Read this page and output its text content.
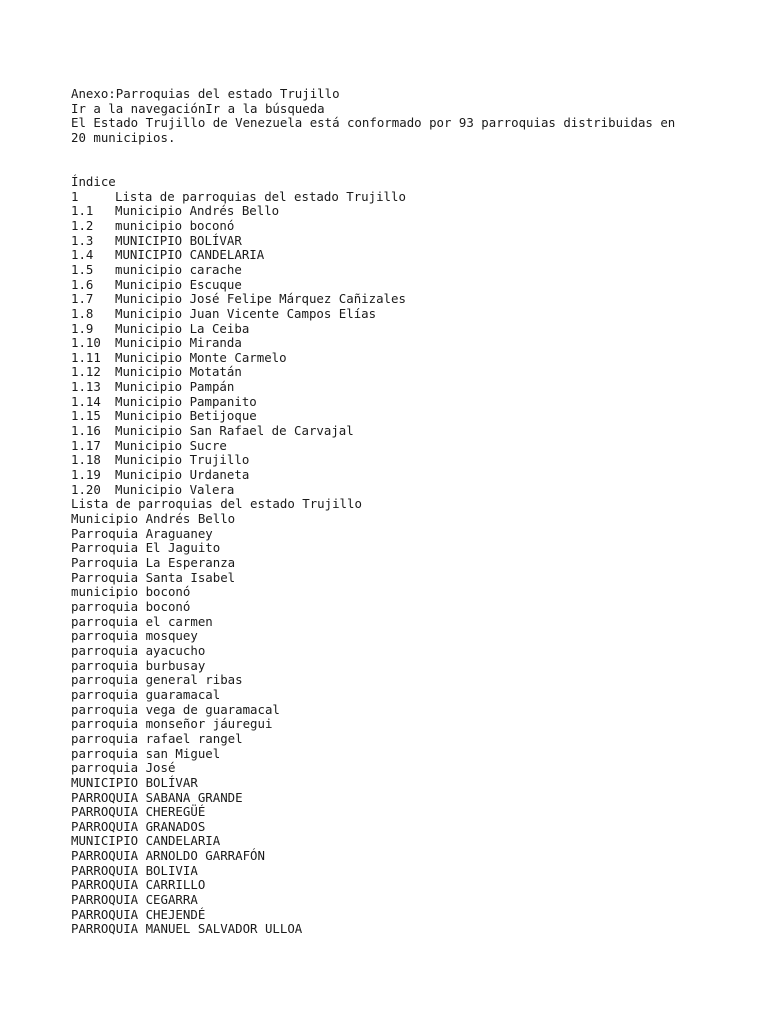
Anexo:Parroquias del estado Trujillo
Ir a la navegaciónIr a la búsqueda
El Estado Trujillo de Venezuela está conformado por 93 parroquias distribuidas en 20 municipios.
Índice
1	Lista de parroquias del estado Trujillo
1.1 Municipio Andrés Bello
1.2 municipio boconó
1.3 MUNICIPIO BOLÍVAR
1.4 MUNICIPIO CANDELARIA
1.5 municipio carache
1.6 Municipio Escuque
1.7 Municipio José Felipe Márquez Cañizales
1.8 Municipio Juan Vicente Campos Elías
1.9 Municipio La Ceiba
1.10 Municipio Miranda
1.11 Municipio Monte Carmelo
1.12 Municipio Motatán
1.13 Municipio Pampán
1.14 Municipio Pampanito
1.15 Municipio Betijoque
1.16 Municipio San Rafael de Carvajal
1.17 Municipio Sucre
1.18 Municipio Trujillo
1.19 Municipio Urdaneta
1.20 Municipio Valera
Lista de parroquias del estado Trujillo
Municipio Andrés Bello
Parroquia Araguaney
Parroquia El Jaguito
Parroquia La Esperanza
Parroquia Santa Isabel
municipio boconó
parroquia boconó
parroquia el carmen
parroquia mosquey
parroquia ayacucho
parroquia burbusay
parroquia general ribas
parroquia guaramacal
parroquia vega de guaramacal
parroquia monseñor jáuregui
parroquia rafael rangel
parroquia san Miguel
parroquia José
MUNICIPIO BOLÍVAR
PARROQUIA SABANA GRANDE
PARROQUIA CHEREGÜÉ
PARROQUIA GRANADOS
MUNICIPIO CANDELARIA
PARROQUIA ARNOLDO GARRAFÓN
PARROQUIA BOLIVIA
PARROQUIA CARRILLO
PARROQUIA CEGARRA
PARROQUIA CHEJENDÉ
PARROQUIA MANUEL SALVADOR ULLOA
